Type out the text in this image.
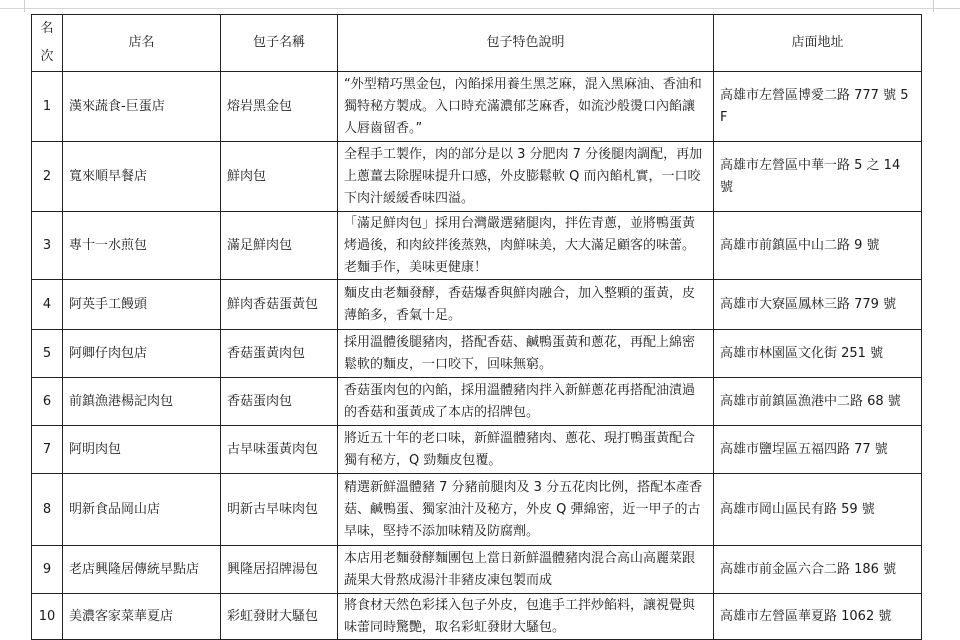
名次	店名	包子名稱	包子特色說明	店面地址
1	漢來蔬食-巨蛋店	熔岩黑金包	“外型精巧黑金包，內餡採用養生黑芝麻，混入黑麻油、香油和獨特秘方製成。入口時充滿濃郁芝麻香，如流沙般燙口內餡讓人唇齒留香。”	高雄市左營區博愛二路 777 號 5F
2	寬來順早餐店	鮮肉包	全程手工製作，肉的部分是以 3 分肥肉 7 分後腿肉調配，再加上蔥薑去除腥味提升口感，外皮膨鬆軟 Q 而內餡札實，一口咬下肉汁緩緩香味四溢。	高雄市左營區中華一路 5 之 14 號
3	專十一水煎包	滿足鮮肉包	「滿足鮮肉包」採用台灣嚴選豬腿肉，拌佐青蔥，並將鴨蛋黃烤過後，和肉絞拌後蒸熟，肉鮮味美，大大滿足顧客的味蕾。老麵手作，美味更健康！	高雄市前鎮區中山二路 9 號
4	阿英手工饅頭	鮮肉香菇蛋黃包	麵皮由老麵發酵，香菇爆香與鮮肉融合，加入整顆的蛋黃，皮薄餡多，香氣十足。	高雄市大寮區鳳林三路 779 號
5	阿卿仔肉包店	香菇蛋黃肉包	採用溫體後腿豬肉，搭配香菇、鹹鴨蛋黃和蔥花，再配上綿密鬆軟的麵皮，一口咬下，回味無窮。	高雄市林園區文化街 251 號
6	前鎮漁港楊記肉包	香菇蛋肉包	香菇蛋肉包的內餡，採用溫體豬肉拌入新鮮蔥花再搭配油漬過的香菇和蛋黃成了本店的招牌包。	高雄市前鎮區漁港中二路 68 號
7	阿明肉包	古早味蛋黃肉包	將近五十年的老口味，新鮮溫體豬肉、蔥花、現打鴨蛋黃配合獨有秘方，Q 勁麵皮包覆。	高雄市鹽埕區五福四路 77 號
8	明新食品岡山店	明新古早味肉包	精選新鮮溫體豬 7 分豬前腿肉及 3 分五花肉比例，搭配本產香菇、鹹鴨蛋、獨家油汁及秘方，外皮 Q 彈綿密，近一甲子的古早味，堅持不添加味精及防腐劑。	高雄市岡山區民有路 59 號
9	老店興隆居傳統早點店	興隆居招牌湯包	本店用老麵發酵麵團包上當日新鮮溫體豬肉混合高山高麗菜跟蔬果大骨熬成湯汁非豬皮凍包製而成	高雄市前金區六合二路 186 號
10	美濃客家菜華夏店	彩虹發財大騷包	將食材天然色彩揉入包子外皮，包進手工拌炒餡料，讓視覺與味蕾同時驚艷，取名彩虹發財大騷包。	高雄市左營區華夏路 1062 號
